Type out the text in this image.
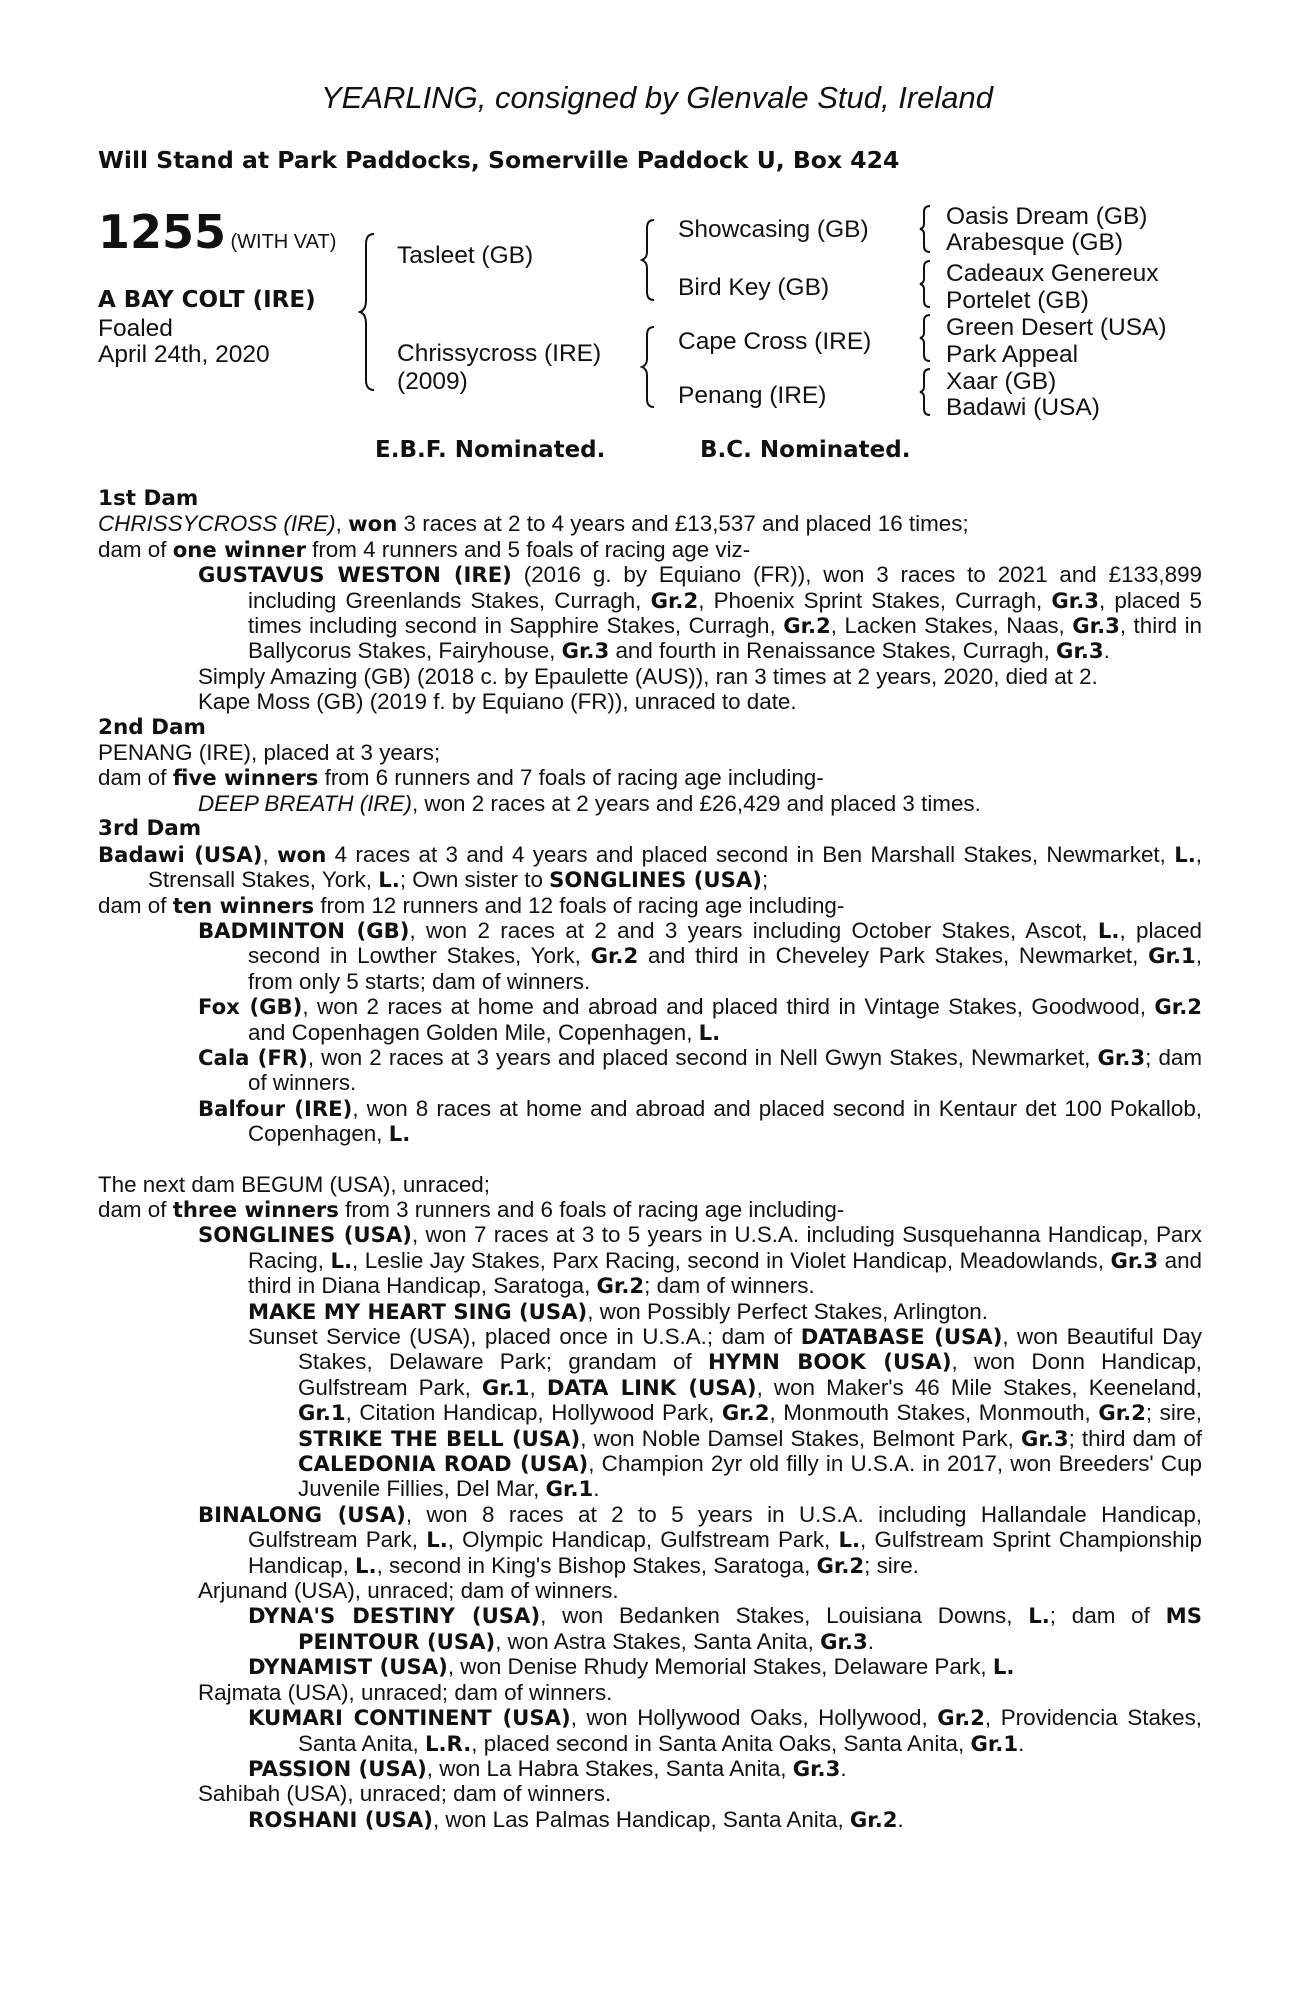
YEARLING, consigned by Glenvale Stud, Ireland
Will Stand at Park Paddocks, Somerville Paddock U, Box 424
1255 (WITH VAT)
A BAY COLT (IRE)
Foaled
April 24th, 2020
Tasleet (GB)
Chrissycross (IRE)
(2009)
Showcasing (GB)
Bird Key (GB)
Cape Cross (IRE)
Penang (IRE)
Oasis Dream (GB)
Arabesque (GB)
Cadeaux Genereux
Portelet (GB)
Green Desert (USA)
Park Appeal
Xaar (GB)
Badawi (USA)
E.B.F. Nominated.	B.C. Nominated.

1st Dam

CHRISSYCROSS (IRE), won 3 races at 2 to 4 years and £13,537 and placed 16 times;

dam of one winner from 4 runners and 5 foals of racing age viz-

GUSTAVUS WESTON (IRE) (2016 g. by Equiano (FR)), won 3 races to 2021 and £133,899 including Greenlands Stakes, Curragh, Gr.2, Phoenix Sprint Stakes, Curragh, Gr.3, placed 5 times including second in Sapphire Stakes, Curragh, Gr.2, Lacken Stakes, Naas, Gr.3, third in Ballycorus Stakes, Fairyhouse, Gr.3 and fourth in Renaissance Stakes, Curragh, Gr.3.

Simply Amazing (GB) (2018 c. by Epaulette (AUS)), ran 3 times at 2 years, 2020, died at 2.

Kape Moss (GB) (2019 f. by Equiano (FR)), unraced to date.

2nd Dam

PENANG (IRE), placed at 3 years;

dam of five winners from 6 runners and 7 foals of racing age including-

DEEP BREATH (IRE), won 2 races at 2 years and £26,429 and placed 3 times.

3rd Dam

Badawi (USA), won 4 races at 3 and 4 years and placed second in Ben Marshall Stakes, Newmarket, L., Strensall Stakes, York, L.; Own sister to SONGLINES (USA);

dam of ten winners from 12 runners and 12 foals of racing age including-

BADMINTON (GB), won 2 races at 2 and 3 years including October Stakes, Ascot, L., placed second in Lowther Stakes, York, Gr.2 and third in Cheveley Park Stakes, Newmarket, Gr.1, from only 5 starts; dam of winners.

Fox (GB), won 2 races at home and abroad and placed third in Vintage Stakes, Goodwood, Gr.2 and Copenhagen Golden Mile, Copenhagen, L.

Cala (FR), won 2 races at 3 years and placed second in Nell Gwyn Stakes, Newmarket, Gr.3; dam of winners.

Balfour (IRE), won 8 races at home and abroad and placed second in Kentaur det 100 Pokallob, Copenhagen, L.

The next dam BEGUM (USA), unraced;

dam of three winners from 3 runners and 6 foals of racing age including-

SONGLINES (USA), won 7 races at 3 to 5 years in U.S.A. including Susquehanna Handicap, Parx Racing, L., Leslie Jay Stakes, Parx Racing, second in Violet Handicap, Meadowlands, Gr.3 and third in Diana Handicap, Saratoga, Gr.2; dam of winners.

MAKE MY HEART SING (USA), won Possibly Perfect Stakes, Arlington.

Sunset Service (USA), placed once in U.S.A.; dam of DATABASE (USA), won Beautiful Day Stakes, Delaware Park; grandam of HYMN BOOK (USA), won Donn Handicap, Gulfstream Park, Gr.1, DATA LINK (USA), won Maker's 46 Mile Stakes, Keeneland, Gr.1, Citation Handicap, Hollywood Park, Gr.2, Monmouth Stakes, Monmouth, Gr.2; sire, STRIKE THE BELL (USA), won Noble Damsel Stakes, Belmont Park, Gr.3; third dam of CALEDONIA ROAD (USA), Champion 2yr old filly in U.S.A. in 2017, won Breeders' Cup Juvenile Fillies, Del Mar, Gr.1.

BINALONG (USA), won 8 races at 2 to 5 years in U.S.A. including Hallandale Handicap, Gulfstream Park, L., Olympic Handicap, Gulfstream Park, L., Gulfstream Sprint Championship Handicap, L., second in King's Bishop Stakes, Saratoga, Gr.2; sire.

Arjunand (USA), unraced; dam of winners.

DYNA'S DESTINY (USA), won Bedanken Stakes, Louisiana Downs, L.; dam of MS PEINTOUR (USA), won Astra Stakes, Santa Anita, Gr.3.

DYNAMIST (USA), won Denise Rhudy Memorial Stakes, Delaware Park, L.

Rajmata (USA), unraced; dam of winners.

KUMARI CONTINENT (USA), won Hollywood Oaks, Hollywood, Gr.2, Providencia Stakes, Santa Anita, L.R., placed second in Santa Anita Oaks, Santa Anita, Gr.1.

PASSION (USA), won La Habra Stakes, Santa Anita, Gr.3.

Sahibah (USA), unraced; dam of winners.

ROSHANI (USA), won Las Palmas Handicap, Santa Anita, Gr.2.
